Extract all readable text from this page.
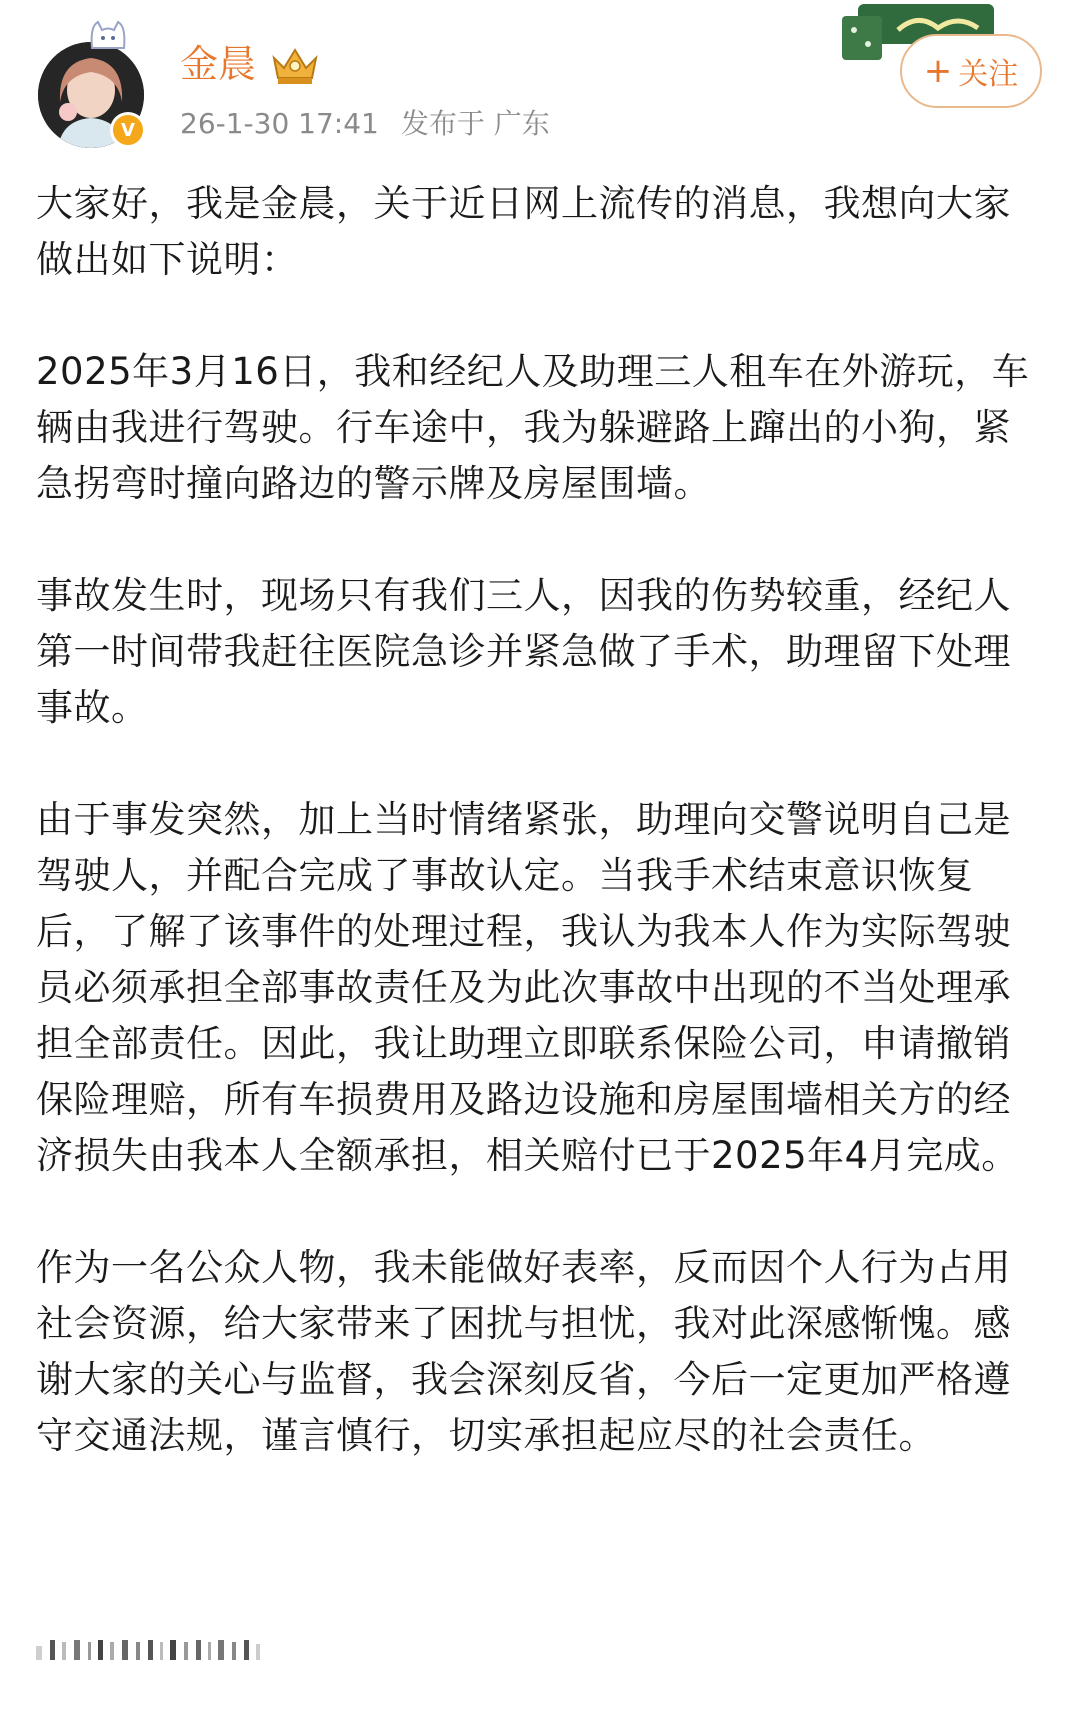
V
金晨
26-1-30 17:41 发布于 广东
+ 关注

大家好，我是金晨，关于近日网上流传的消息，我想向大家做出如下说明：

2025年3月16日，我和经纪人及助理三人租车在外游玩，车辆由我进行驾驶。行车途中，我为躲避路上蹿出的小狗，紧急拐弯时撞向路边的警示牌及房屋围墙。

事故发生时，现场只有我们三人，因我的伤势较重，经纪人第一时间带我赶往医院急诊并紧急做了手术，助理留下处理事故。

由于事发突然，加上当时情绪紧张，助理向交警说明自己是驾驶人，并配合完成了事故认定。当我手术结束意识恢复后，了解了该事件的处理过程，我认为我本人作为实际驾驶员必须承担全部事故责任及为此次事故中出现的不当处理承担全部责任。因此，我让助理立即联系保险公司，申请撤销保险理赔，所有车损费用及路边设施和房屋围墙相关方的经济损失由我本人全额承担，相关赔付已于2025年4月完成。

作为一名公众人物，我未能做好表率，反而因个人行为占用社会资源，给大家带来了困扰与担忧，我对此深感惭愧。感谢大家的关心与监督，我会深刻反省，今后一定更加严格遵守交通法规，谨言慎行，切实承担起应尽的社会责任。
